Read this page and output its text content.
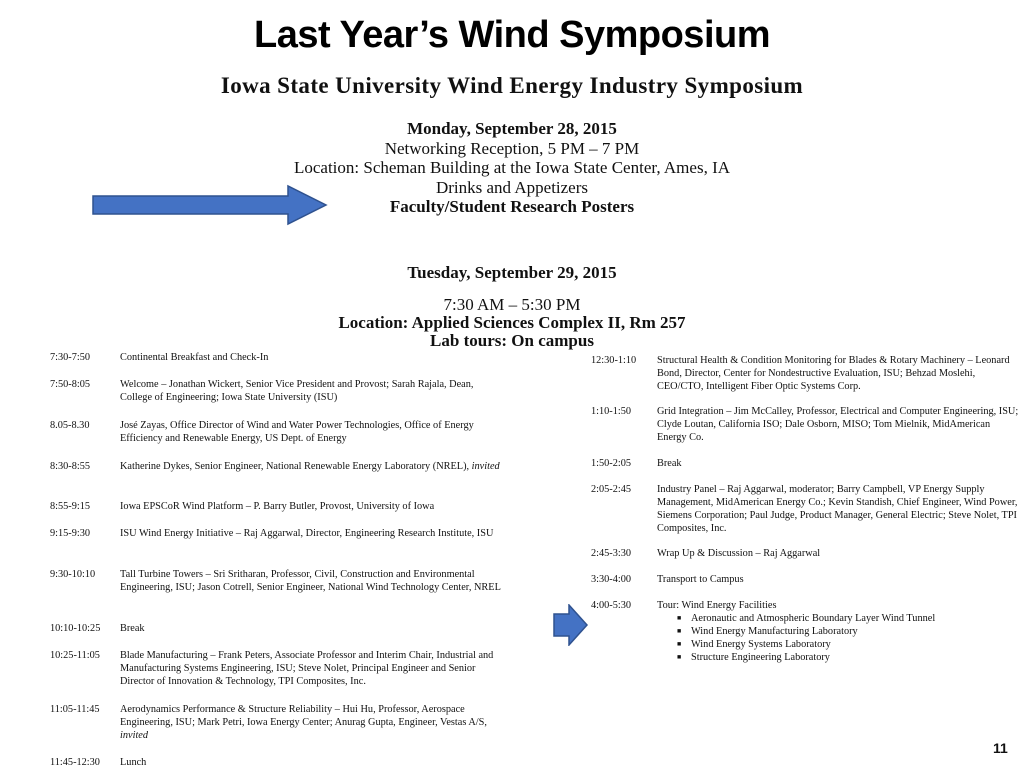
Last Year’s Wind Symposium
Iowa State University Wind Energy Industry Symposium
Monday, September 28, 2015
Networking Reception, 5 PM – 7 PM
Location: Scheman Building at the Iowa State Center, Ames, IA
Drinks and Appetizers
Faculty/Student Research Posters
Tuesday, September 29, 2015
7:30 AM – 5:30 PM
Location: Applied Sciences Complex II, Rm 257
Lab tours: On campus
7:30-7:50	Continental Breakfast and Check-In
7:50-8:05	Welcome – Jonathan Wickert, Senior Vice President and Provost; Sarah Rajala, Dean, College of Engineering; Iowa State University (ISU)
8.05-8.30	José Zayas, Office Director of Wind and Water Power Technologies, Office of Energy Efficiency and Renewable Energy, US Dept. of Energy
8:30-8:55	Katherine Dykes, Senior Engineer, National Renewable Energy Laboratory (NREL), invited
8:55-9:15	Iowa EPSCoR Wind Platform – P. Barry Butler, Provost, University of Iowa
9:15-9:30	ISU Wind Energy Initiative – Raj Aggarwal, Director, Engineering Research Institute, ISU
9:30-10:10	Tall Turbine Towers – Sri Sritharan, Professor, Civil, Construction and Environmental Engineering, ISU; Jason Cotrell, Senior Engineer, National Wind Technology Center, NREL
10:10-10:25	Break
10:25-11:05	Blade Manufacturing – Frank Peters, Associate Professor and Interim Chair, Industrial and Manufacturing Systems Engineering, ISU; Steve Nolet, Principal Engineer and Senior Director of Innovation & Technology, TPI Composites, Inc.
11:05-11:45	Aerodynamics Performance & Structure Reliability – Hui Hu, Professor, Aerospace Engineering, ISU; Mark Petri, Iowa Energy Center; Anurag Gupta, Engineer, Vestas A/S, invited
11:45-12:30	Lunch
12:30-1:10	Structural Health & Condition Monitoring for Blades & Rotary Machinery – Leonard Bond, Director, Center for Nondestructive Evaluation, ISU; Behzad Moslehi, CEO/CTO, Intelligent Fiber Optic Systems Corp.
1:10-1:50	Grid Integration – Jim McCalley, Professor, Electrical and Computer Engineering, ISU; Clyde Loutan, California ISO; Dale Osborn, MISO; Tom Mielnik, MidAmerican Energy Co.
1:50-2:05	Break
2:05-2:45	Industry Panel – Raj Aggarwal, moderator; Barry Campbell, VP Energy Supply Management, MidAmerican Energy Co.; Kevin Standish, Chief Engineer, Wind Power, Siemens Corporation; Paul Judge, Product Manager, General Electric; Steve Nolet, TPI Composites, Inc.
2:45-3:30	Wrap Up & Discussion – Raj Aggarwal
3:30-4:00	Transport to Campus
4:00-5:30	Tour: Wind Energy Facilities
■ Aeronautic and Atmospheric Boundary Layer Wind Tunnel
■ Wind Energy Manufacturing Laboratory
■ Wind Energy Systems Laboratory
■ Structure Engineering Laboratory
11
